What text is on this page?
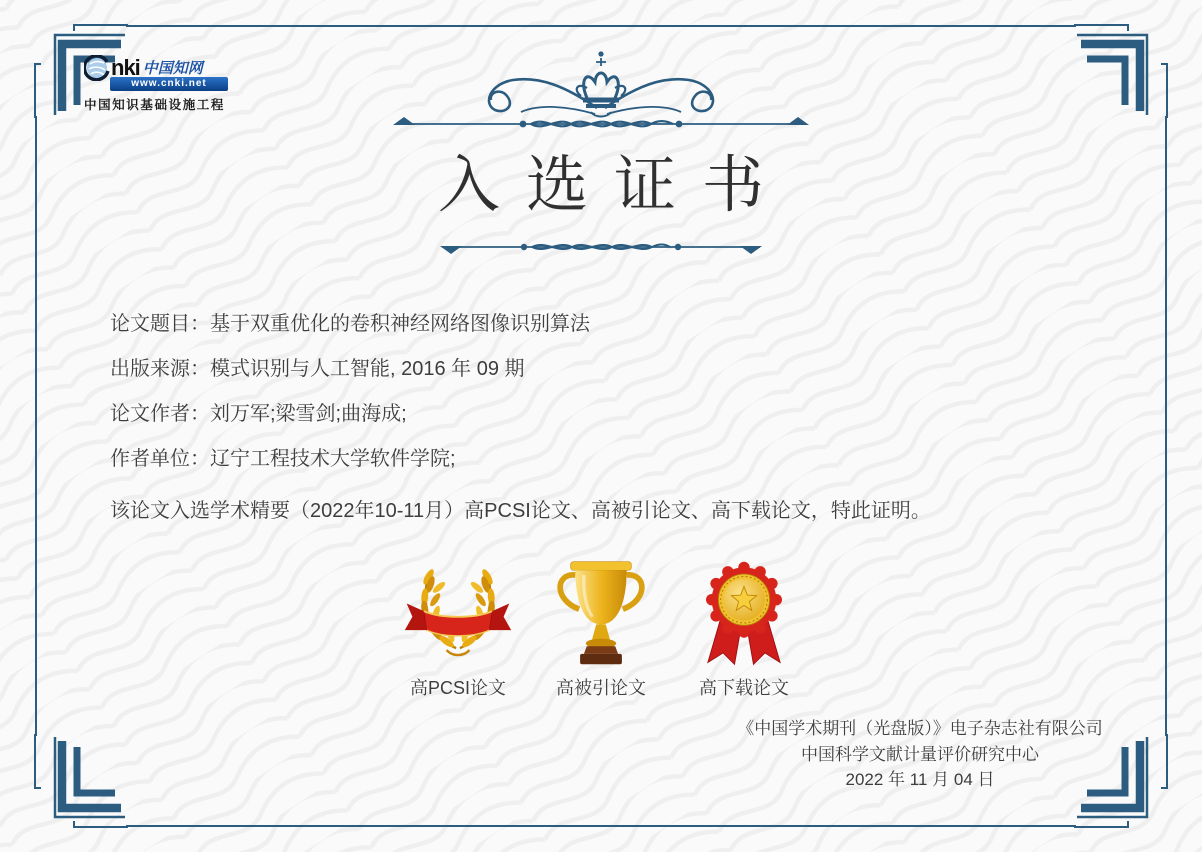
nki 中国知网
www.cnki.net
中国知识基础设施工程
入选证书
论文题目： 基于双重优化的卷积神经网络图像识别算法
出版来源： 模式识别与人工智能, 2016 年 09 期
论文作者： 刘万军;梁雪剑;曲海成;
作者单位： 辽宁工程技术大学软件学院;

该论文入选学术精要（2022年10-11月）高PCSI论文、高被引论文、高下载论文，特此证明。

高PCSI论文	高被引论文	高下载论文
《中国学术期刊（光盘版）》电子杂志社有限公司
中国科学文献计量评价研究中心
2022 年 11 月 04 日
